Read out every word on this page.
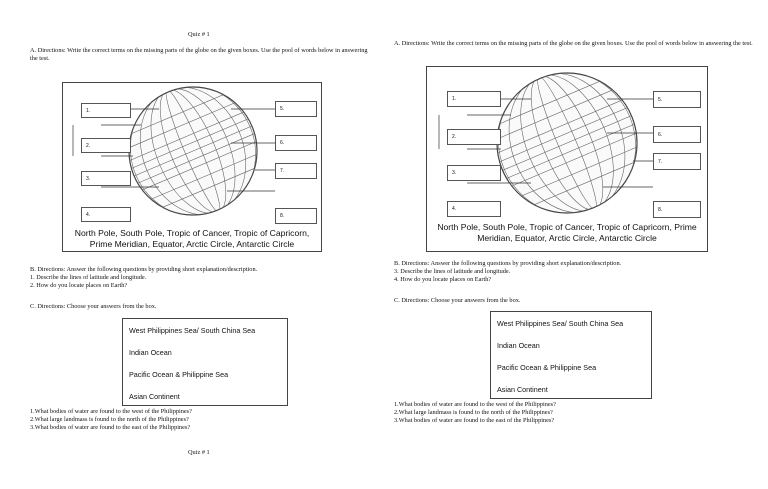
Quiz # 1
A. Directions: Write the correct terms on the missing parts of the globe on the given boxes. Use the pool of words below in answering the test.
1.
2.
3.
4.
5.
6.
7.
8.
North Pole, South Pole, Tropic of Cancer, Tropic of Capricorn, Prime Meridian, Equator, Arctic Circle, Antarctic Circle
B. Directions: Answer the following questions by providing short explanation/description.
1. Describe the lines of latitude and longitude.
2. How do you locate places on Earth?
C. Directions: Choose your answers from the box.
West Philippines Sea/ South China Sea
Indian Ocean
Pacific Ocean & Philippine Sea
Asian Continent
1.What bodies of water are found to the west of the Philippines?
2.What large landmass is found to the north of the Philippines?
3.What bodies of water are found to the east of the Philippines?
Quiz # 1
A. Directions: Write the correct terms on the missing parts of the globe on the given boxes. Use the pool of words below in answering the test.
1.
2.
3.
4.
5.
6.
7.
8.
North Pole, South Pole, Tropic of Cancer, Tropic of Capricorn, Prime Meridian, Equator, Arctic Circle, Antarctic Circle
B. Directions: Answer the following questions by providing short explanation/description.
3. Describe the lines of latitude and longitude.
4. How do you locate places on Earth?
C. Directions: Choose your answers from the box.
West Philippines Sea/ South China Sea
Indian Ocean
Pacific Ocean & Philippine Sea
Asian Continent
1.What bodies of water are found to the west of the Philippines?
2.What large landmass is found to the north of the Philippines?
3.What bodies of water are found to the east of the Philippines?
